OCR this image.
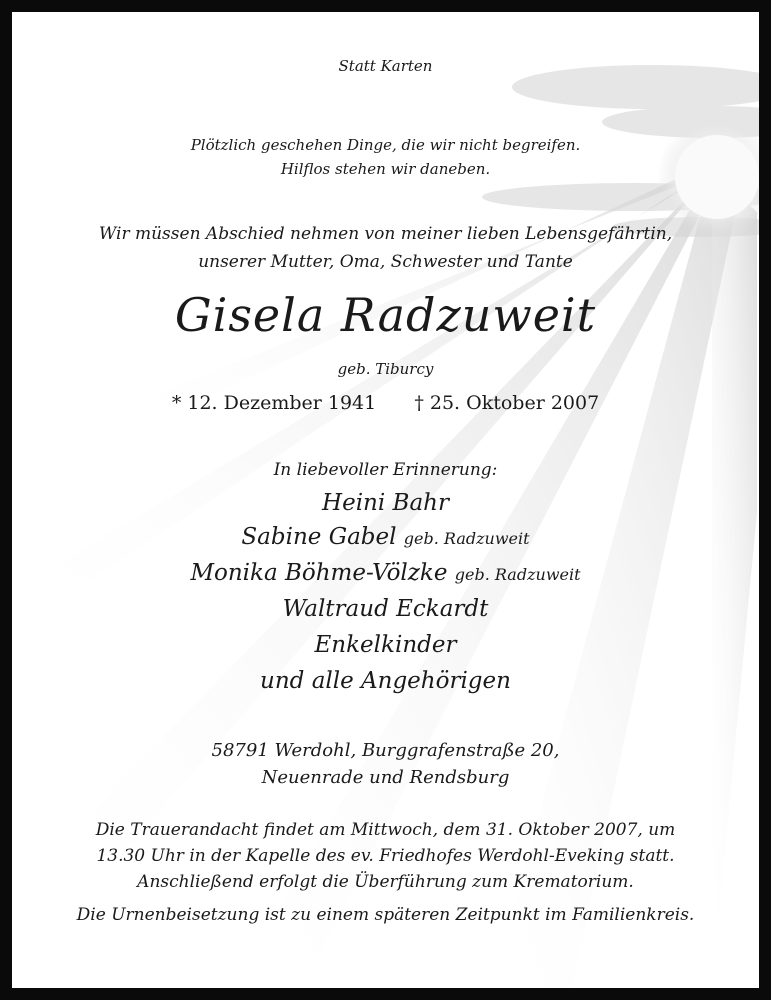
Statt Karten
Plötzlich geschehen Dinge, die wir nicht begreifen.
Hilflos stehen wir daneben.
Wir müssen Abschied nehmen von meiner lieben Lebensgefährtin,
unserer Mutter, Oma, Schwester und Tante
Gisela Radzuweit
geb. Tiburcy
* 12. Dezember 1941 † 25. Oktober 2007
In liebevoller Erinnerung:
Heini Bahr
Sabine Gabel geb. Radzuweit
Monika Böhme-Völzke geb. Radzuweit
Waltraud Eckardt
Enkelkinder
und alle Angehörigen
58791 Werdohl, Burggrafenstraße 20,
Neuenrade und Rendsburg
Die Trauerandacht findet am Mittwoch, dem 31. Oktober 2007, um
13.30 Uhr in der Kapelle des ev. Friedhofes Werdohl-Eveking statt.
Anschließend erfolgt die Überführung zum Krematorium.
Die Urnenbeisetzung ist zu einem späteren Zeitpunkt im Familienkreis.
